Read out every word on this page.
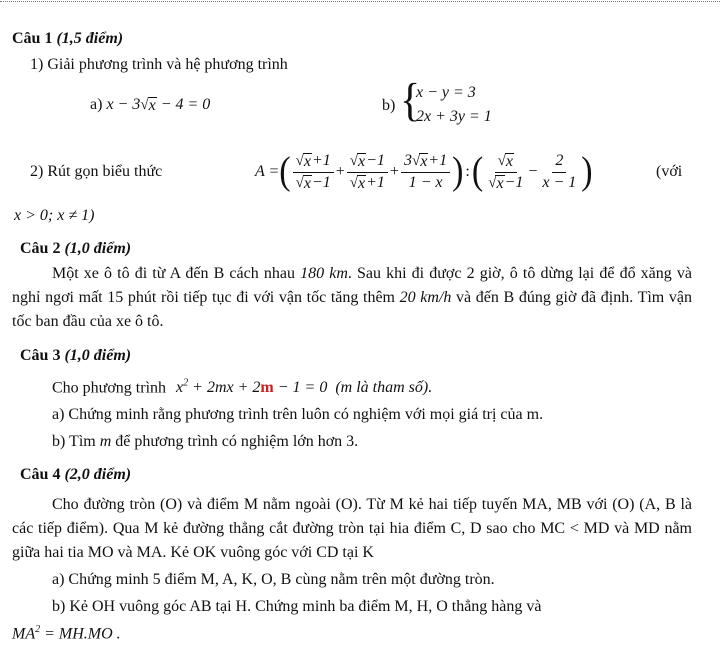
Câu 1 (1,5 điểm)
1) Giải phương trình và hệ phương trình
a) x − 3 √ x − 4 = 0	b) {
x − y = 3
2x + 3y = 1
2) Rút gọn biểu thức	A = ( $\frac{√ x +1}{√ x -1} + \frac{√ x -1}{√ x +1} + \frac{3 √ x +1}{1 - x}$ ) : ( $\frac{√ x}{√ x -1} - \frac{2}{x - 1}$ )	(với
x > 0; x ≠ 1)
Câu 2 (1,0 điểm)
Một xe ô tô đi từ A đến B cách nhau 180 km. Sau khi đi được 2 giờ, ô tô dừng lại để đổ xăng và nghỉ ngơi mất 15 phút rồi tiếp tục đi với vận tốc tăng thêm 20 km/h và đến B đúng giờ đã định. Tìm vận tốc ban đầu của xe ô tô.
Câu 3 (1,0 điểm)
Cho phương trình $x^2 + 2mx + 2m - 1 = 0$ (m là tham số).
a) Chứng minh rằng phương trình trên luôn có nghiệm với mọi giá trị của m.
b) Tìm m để phương trình có nghiệm lớn hơn 3.
Câu 4 (2,0 điểm)
Cho đường tròn (O) và điểm M nằm ngoài (O). Từ M kẻ hai tiếp tuyến MA, MB với (O) (A, B là các tiếp điểm). Qua M kẻ đường thẳng cắt đường tròn tại hia điểm C, D sao cho MC < MD và MD nằm giữa hai tia MO và MA. Kẻ OK vuông góc với CD tại K
a) Chứng minh 5 điểm M, A, K, O, B cùng nằm trên một đường tròn.
b) Kẻ OH vuông góc AB tại H. Chứng minh ba điểm M, H, O thẳng hàng và
$MA^2 = MH.MO$ .
